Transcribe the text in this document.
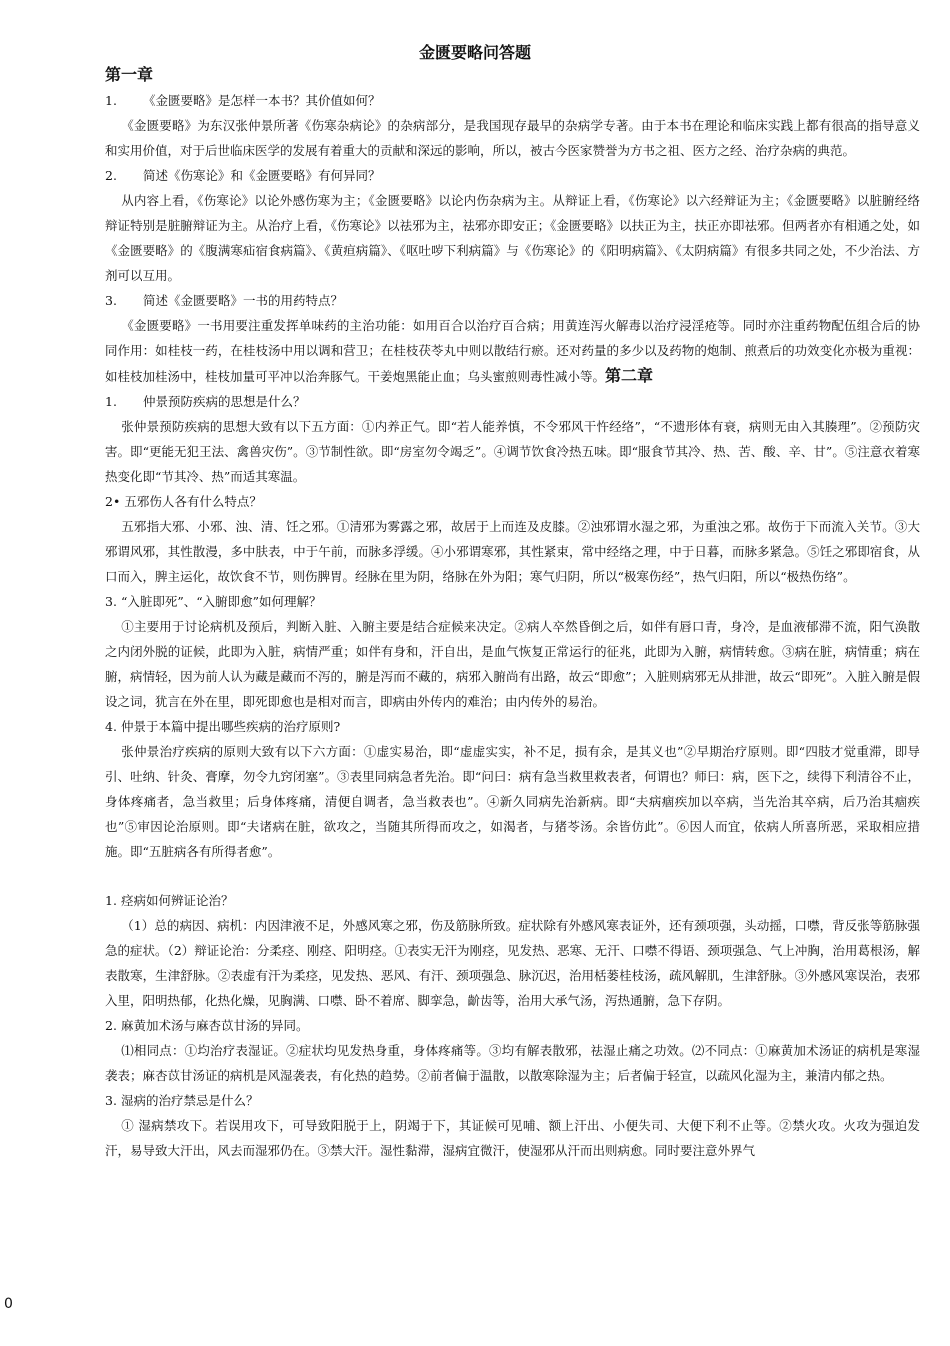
金匮要略问答题

第一章

1. 《金匮要略》是怎样一本书？其价值如何？

《金匮要略》为东汉张仲景所著《伤寒杂病论》的杂病部分，是我国现存最早的杂病学专著。由于本书在理论和临床实践上都有很高的指导意义和实用价值，对于后世临床医学的发展有着重大的贡献和深远的影响，所以，被古今医家赞誉为方书之祖、医方之经、治疗杂病的典范。

2. 简述《伤寒论》和《金匮要略》有何异同？

从内容上看，《伤寒论》以论外感伤寒为主；《金匮要略》以论内伤杂病为主。从辩证上看，《伤寒论》以六经辩证为主；《金匮要略》以脏腑经络辩证特别是脏腑辩证为主。从治疗上看，《伤寒论》以祛邪为主，祛邪亦即安正；《金匮要略》以扶正为主，扶正亦即祛邪。但两者亦有相通之处，如《金匮要略》的《腹满寒疝宿食病篇》、《黄疸病篇》、《呕吐哕下利病篇》与《伤寒论》的《阳明病篇》、《太阴病篇》有很多共同之处，不少治法、方剂可以互用。

3. 简述《金匮要略》一书的用药特点？

《金匮要略》一书用要注重发挥单味药的主治功能：如用百合以治疗百合病；用黄连泻火解毒以治疗浸淫疮等。同时亦注重药物配伍组合后的协同作用：如桂枝一药，在桂枝汤中用以调和营卫；在桂枝茯苓丸中则以散结行瘀。还对药量的多少以及药物的炮制、煎煮后的功效变化亦极为重视：如桂枝加桂汤中，桂枝加量可平冲以治奔豚气。干姜炮黑能止血；乌头蜜煎则毒性减小等。第二章

1. 仲景预防疾病的思想是什么？

张仲景预防疾病的思想大致有以下五方面：①内养正气。即“若人能养慎，不令邪风干忤经络”，“不遗形体有衰，病则无由入其腠理”。②预防灾害。即“更能无犯王法、禽兽灾伤”。③节制性欲。即“房室勿令竭乏”。④调节饮食冷热五味。即“服食节其冷、热、苦、酸、辛、甘”。⑤注意衣着寒热变化即“节其冷、热”而适其寒温。

2• 五邪伤人各有什么特点？

五邪指大邪、小邪、浊、清、饪之邪。①清邪为雾露之邪，故居于上而连及皮膝。②浊邪谓水湿之邪，为重浊之邪。故伤于下而流入关节。③大邪谓风邪，其性散漫，多中肤表，中于午前，而脉多浮缓。④小邪谓寒邪，其性紧束，常中经络之理，中于日暮，而脉多紧急。⑤饪之邪即宿食，从口而入，脾主运化，故饮食不节，则伤脾胃。经脉在里为阴，络脉在外为阳；寒气归阴，所以“极寒伤经”，热气归阳，所以“极热伤络”。

3. “入脏即死”、“入腑即愈”如何理解？

①主要用于讨论病机及预后，判断入脏、入腑主要是结合症候来决定。②病人卒然昏倒之后，如伴有唇口青，身冷，是血液郁滞不流，阳气涣散之内闭外脱的证候，此即为入脏，病情严重；如伴有身和，汗自出，是血气恢复正常运行的征兆，此即为入腑，病情转愈。③病在脏，病情重；病在腑，病情轻，因为前人认为藏是藏而不泻的，腑是泻而不藏的，病邪入腑尚有出路，故云“即愈”；入脏则病邪无从排泄，故云“即死”。入脏入腑是假设之词，犹言在外在里，即死即愈也是相对而言，即病由外传内的难治；由内传外的易治。

4. 仲景于本篇中提出哪些疾病的治疗原则?

张仲景治疗疾病的原则大致有以下六方面：①虚实易治，即“虚虚实实，补不足，损有余，是其义也”②早期治疗原则。即“四肢才觉重滞，即导引、吐纳、针灸、膏摩，勿令九窍闭塞”。③表里同病急者先治。即“问曰：病有急当救里救表者，何谓也？师曰：病，医下之，续得下利清谷不止，身体疼痛者，急当救里；后身体疼痛，清便自调者，急当救表也”。④新久同病先治新病。即“夫病痼疾加以卒病，当先治其卒病，后乃治其痼疾也”⑤审因论治原则。即“夫诸病在脏，欲攻之，当随其所得而攻之，如渴者，与猪苓汤。余皆仿此”。⑥因人而宜，依病人所喜所恶，采取相应措施。即“五脏病各有所得者愈”。

1. 痉病如何辨证论治？

（1）总的病因、病机：内因津液不足，外感风寒之邪，伤及筋脉所致。症状除有外感风寒表证外，还有颈项强，头动摇，口噤，背反张等筋脉强急的症状。（2）辩证论治：分柔痉、刚痉、阳明痉。①表实无汗为刚痉，见发热、恶寒、无汗、口噤不得语、颈项强急、气上冲胸，治用葛根汤，解表散寒，生津舒脉。②表虚有汗为柔痉，见发热、恶风、有汗、颈项强急、脉沉迟，治用栝蒌桂枝汤，疏风解肌，生津舒脉。③外感风寒误治，表邪入里，阳明热郁，化热化燥，见胸满、口噤、卧不着席、脚挛急，齘齿等，治用大承气汤，泻热通腑，急下存阴。

2. 麻黄加术汤与麻杏苡甘汤的异同。

⑴相同点：①均治疗表湿证。②症状均见发热身重，身体疼痛等。③均有解表散邪，祛湿止痛之功效。⑵不同点：①麻黄加术汤证的病机是寒湿袭表；麻杏苡甘汤证的病机是风湿袭表，有化热的趋势。②前者偏于温散，以散寒除湿为主；后者偏于轻宣，以疏风化湿为主，兼清内郁之热。

3. 湿病的治疗禁忌是什么？

① 湿病禁攻下。若误用攻下，可导致阳脱于上，阴竭于下，其证候可见哺、额上汗出、小便失司、大便下利不止等。②禁火攻。火攻为强迫发汗，易导致大汗出，风去而湿邪仍在。③禁大汗。湿性黏滞，湿病宜微汗，使湿邪从汗而出则病愈。同时要注意外界气

0
